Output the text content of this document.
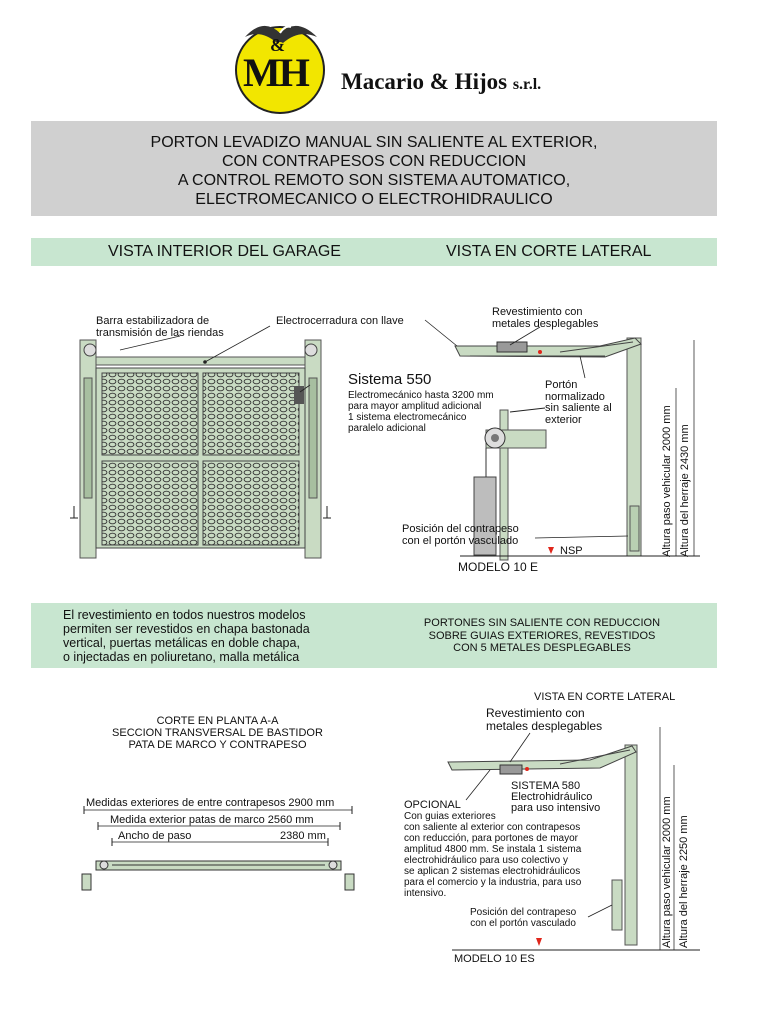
&
MH Macario & Hijos s.r.l.
PORTON LEVADIZO MANUAL SIN SALIENTE AL EXTERIOR,
CON CONTRAPESOS CON REDUCCION
A CONTROL REMOTO SON SISTEMA AUTOMATICO,
ELECTROMECANICO O ELECTROHIDRAULICO
VISTA INTERIOR DEL GARAGE	VISTA EN CORTE LATERAL
Barra estabilizadora de
transmisión de las riendas
Electrocerradura con llave
Revestimiento con
metales desplegables
Sistema 550
Electromecánico hasta 3200 mm
para mayor amplitud adicional
1 sistema electromecánico
paralelo adicional
Portón
normalizado
sin saliente al
exterior	Altura paso vehicular 2000 mm Altura del herraje 2430 mm
Posición del contrapeso
con el portón vasculado
NSP
MODELO 10 E
El revestimiento en todos nuestros modelos
permiten ser revestidos en chapa bastonada
vertical, puertas metálicas en doble chapa,
o injectadas en poliuretano, malla metálica
PORTONES SIN SALIENTE CON REDUCCION
SOBRE GUIAS EXTERIORES, REVESTIDOS
CON 5 METALES DESPLEGABLES
CORTE EN PLANTA A-A
SECCION TRANSVERSAL DE BASTIDOR
PATA DE MARCO Y CONTRAPESO
Medidas exteriores de entre contrapesos 2900 mm
Medida exterior patas de marco 2560 mm
Ancho de paso	2380 mm
VISTA EN CORTE LATERAL
Revestimiento con
metales desplegables
SISTEMA 580
Electrohidráulico
para uso intensivo
OPCIONAL
Con guias exteriores
con saliente al exterior con contrapesos
con reducción, para portones de mayor
amplitud 4800 mm. Se instala 1 sistema
electrohidráulico para uso colectivo y
se aplican 2 sistemas electrohidráulicos
para el comercio y la industria, para uso
intensivo.	Altura paso vehicular 2000 mm Altura del herraje 2250 mm
Posición del contrapeso
con el portón vasculado
MODELO 10 ES
